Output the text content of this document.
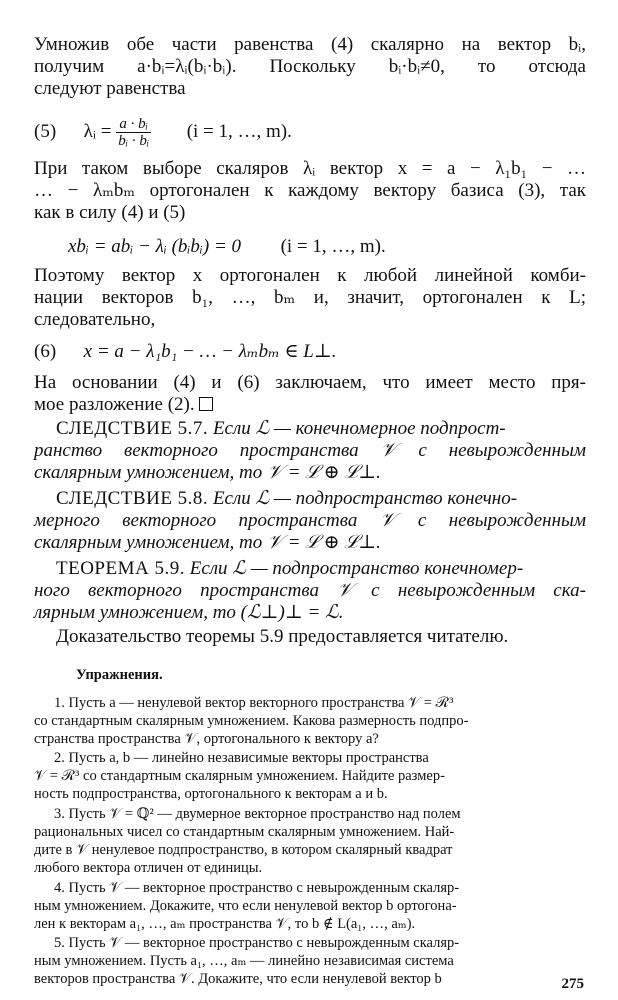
Умножив обе части равенства (4) скалярно на вектор bᵢ,
получим a·bᵢ=λᵢ(bᵢ·bᵢ). Поскольку bᵢ·bᵢ≠0, то отсюда
следуют равенства
(5) λᵢ = $\frac{\text{a · bᵢ}}{\text{bᵢ · bᵢ}} (i = 1$, …, m).
При таком выборе скаляров λᵢ вектор x = a − λ₁b₁ − …
… − λₘbₘ ортогонален к каждому вектору базиса (3), так
как в силу (4) и (5)
xbᵢ = abᵢ − λᵢ (bᵢbᵢ) = 0 (i = 1, …, m).
Поэтому вектор x ортогонален к любой линейной комби-
нации векторов b₁, …, bₘ и, значит, ортогонален к L;
следовательно,
(6) x = a − λ₁b₁ − … − λₘbₘ ∈ L⊥.
На основании (4) и (6) заключаем, что имеет место пря-
мое разложение (2).
СЛЕДСТВИЕ 5.7. Если ℒ — конечномерное подпрост-
ранство векторного пространства 𝒱 с невырожденным
скалярным умножением, то 𝒱 = ℒ ⊕ ℒ⊥.
СЛЕДСТВИЕ 5.8. Если ℒ — подпространство конечно-
мерного векторного пространства 𝒱 с невырожденным
скалярным умножением, то 𝒱 = ℒ ⊕ ℒ⊥.
ТЕОРЕМА 5.9. Если ℒ — подпространство конечномер-
ного векторного пространства 𝒱 с невырожденным ска-
лярным умножением, то (ℒ⊥)⊥ = ℒ.
Доказательство теоремы 5.9 предоставляется читателю.
Упражнения.
1. Пусть a — ненулевой вектор векторного пространства 𝒱 = ℛ³
со стандартным скалярным умножением. Какова размерность подпро-
странства пространства 𝒱, ортогонального к вектору a?
2. Пусть a, b — линейно независимые векторы пространства
𝒱 = ℛ³ со стандартным скалярным умножением. Найдите размер-
ность подпространства, ортогонального к векторам a и b.
3. Пусть 𝒱 = ℚ² — двумерное векторное пространство над полем
рациональных чисел со стандартным скалярным умножением. Най-
дите в 𝒱 ненулевое подпространство, в котором скалярный квадрат
любого вектора отличен от единицы.
4. Пусть 𝒱 — векторное пространство с невырожденным скаляр-
ным умножением. Докажите, что если ненулевой вектор b ортогона-
лен к векторам a₁, …, aₘ пространства 𝒱, то b ∉ L(a₁, …, aₘ).
5. Пусть 𝒱 — векторное пространство с невырожденным скаляр-
ным умножением. Пусть a₁, …, aₘ — линейно независимая система
векторов пространства 𝒱. Докажите, что если ненулевой вектор b	275
